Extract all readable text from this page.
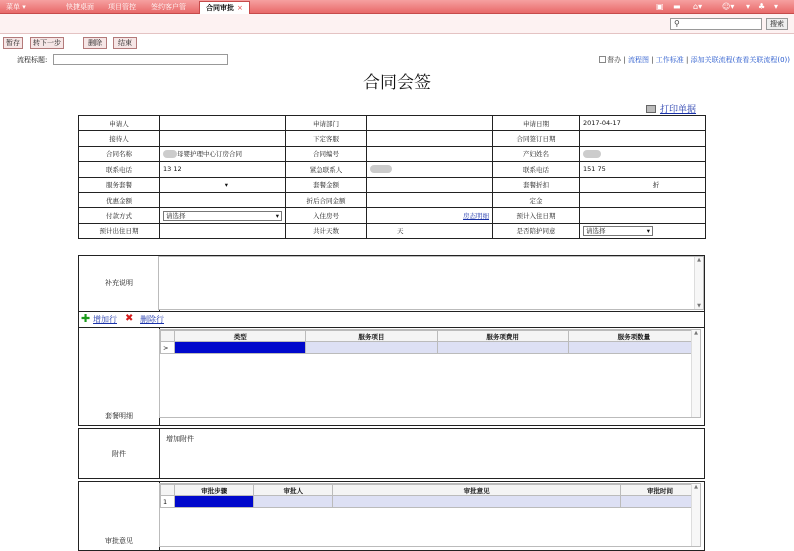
菜单 ▾	快捷桌面 项目管控 签约客户管	合同审批 ×	▣ ▬ ⌂▾ ☺▾ ▾ ♣ ▾
⚲	搜索
暂存	转下一步	删除	结束
流程标题:	督办 | 流程图 | 工作标准 | 添加关联流程(查看关联流程(0))
合同会签
打印单据
申请人		申请部门		申请日期	2017-04-17
接待人		下定客服		合同签订日期	
合同名称	母婴护理中心订房合同	合同编号		产妇姓名	
联系电话	13 12	紧急联系人		联系电话	151 75
服务套餐	▾	套餐金额		套餐折扣	折
优惠金额		折后合同金额		定金	
付款方式	请选择 ▾	入住房号	房态明细	预计入住日期	
预计出住日期		共计天数	天	是否陪护同意	请选择 ▾
补充说明
▲
▼
✚ 增加行 ✖ 删除行
套餐明细
	类型	服务项目	服务项费用	服务项数量
>				
▲
附件
增加附件
审批意见
	审批步骤	审批人	审批意见	审批时间
1				
▲
